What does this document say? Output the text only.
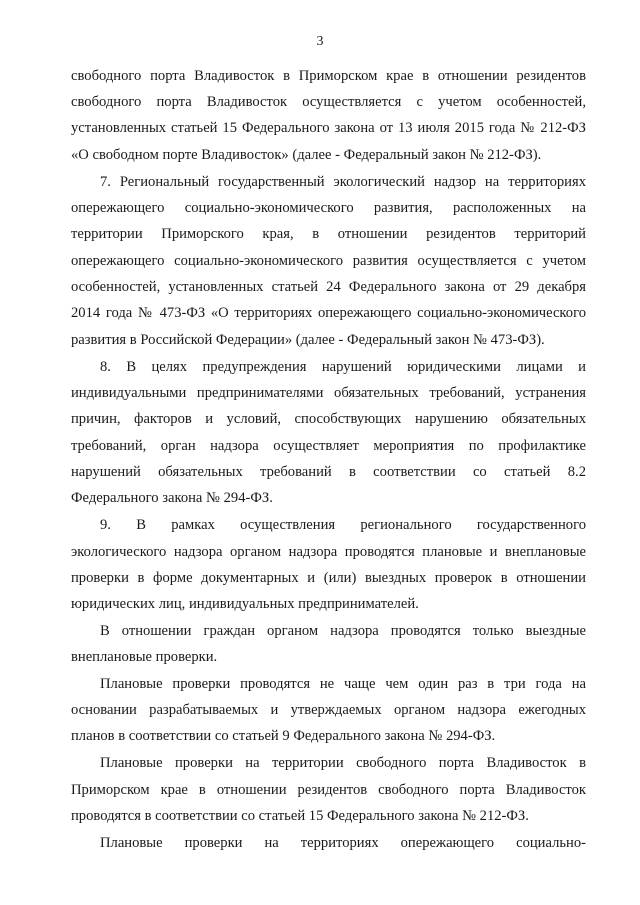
3
свободного порта Владивосток в Приморском крае в отношении резидентов
свободного порта Владивосток осуществляется с учетом особенностей,
установленных статьей 15 Федерального закона от 13 июля 2015 года № 212-ФЗ
«О свободном порте Владивосток» (далее - Федеральный закон № 212-ФЗ).
7. Региональный государственный экологический надзор на территориях
опережающего социально-экономического развития, расположенных на
территории Приморского края, в отношении резидентов территорий
опережающего социально-экономического развития осуществляется с учетом
особенностей, установленных статьей 24 Федерального закона от 29 декабря
2014 года № 473-ФЗ «О территориях опережающего социально-экономического
развития в Российской Федерации» (далее - Федеральный закон № 473-ФЗ).
8. В целях предупреждения нарушений юридическими лицами и
индивидуальными предпринимателями обязательных требований, устранения
причин, факторов и условий, способствующих нарушению обязательных
требований, орган надзора осуществляет мероприятия по профилактике
нарушений обязательных требований в соответствии со статьей 8.2
Федерального закона № 294-ФЗ.
9. В рамках осуществления регионального государственного
экологического надзора органом надзора проводятся плановые и внеплановые
проверки в форме документарных и (или) выездных проверок в отношении
юридических лиц, индивидуальных предпринимателей.
В отношении граждан органом надзора проводятся только выездные
внеплановые проверки.
Плановые проверки проводятся не чаще чем один раз в три года на
основании разрабатываемых и утверждаемых органом надзора ежегодных
планов в соответствии со статьей 9 Федерального закона № 294-ФЗ.
Плановые проверки на территории свободного порта Владивосток в
Приморском крае в отношении резидентов свободного порта Владивосток
проводятся в соответствии со статьей 15 Федерального закона № 212-ФЗ.
Плановые проверки на территориях опережающего социально-
